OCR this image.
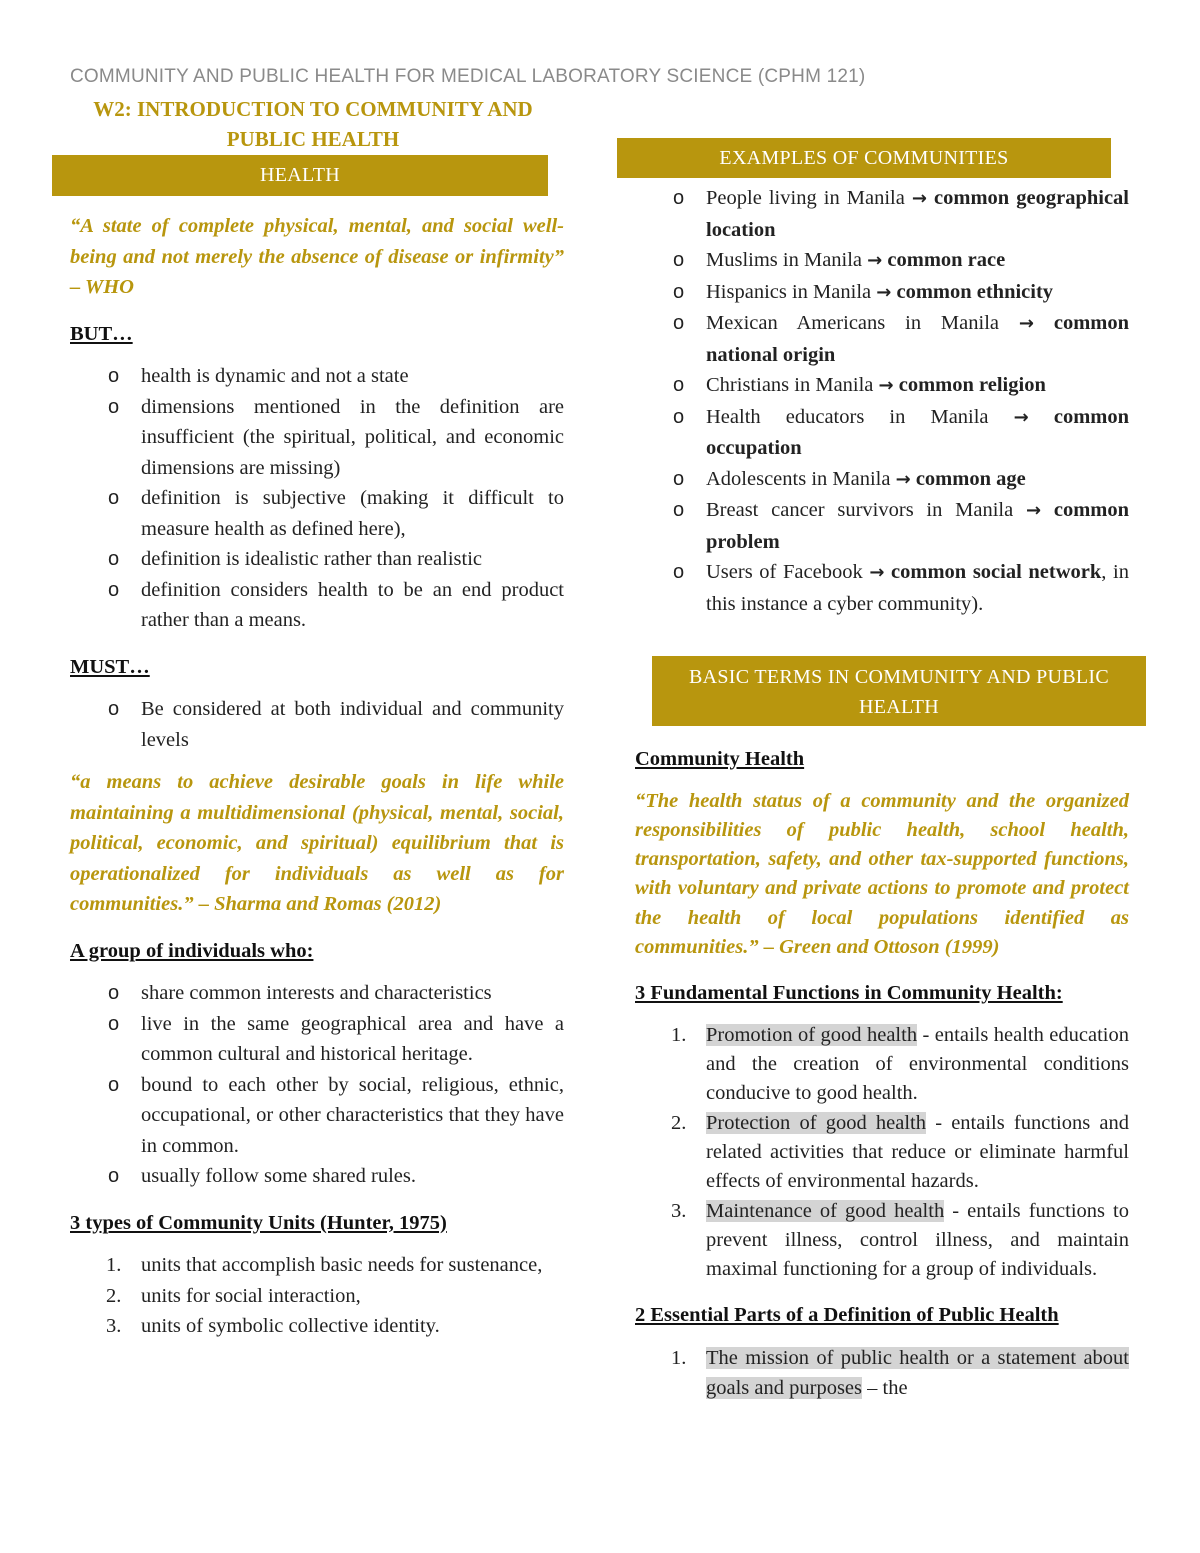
COMMUNITY AND PUBLIC HEALTH FOR MEDICAL LABORATORY SCIENCE (CPHM 121)
W2: INTRODUCTION TO COMMUNITY AND PUBLIC HEALTH
HEALTH

“A state of complete physical, mental, and social well-being and not merely the absence of disease or infirmity” – WHO

BUT…

o health is dynamic and not a state
o dimensions mentioned in the definition are insufficient (the spiritual, political, and economic dimensions are missing)
o definition is subjective (making it difficult to measure health as defined here),
o definition is idealistic rather than realistic
o definition considers health to be an end product rather than a means.

MUST…

o Be considered at both individual and community levels

“a means to achieve desirable goals in life while maintaining a multidimensional (physical, mental, social, political, economic, and spiritual) equilibrium that is operationalized for individuals as well as for communities.” – Sharma and Romas (2012)

A group of individuals who:

o share common interests and characteristics
o live in the same geographical area and have a common cultural and historical heritage.
o bound to each other by social, religious, ethnic, occupational, or other characteristics that they have in common.
o usually follow some shared rules.

3 types of Community Units (Hunter, 1975)

1. units that accomplish basic needs for sustenance,
2. units for social interaction,
3. units of symbolic collective identity.
EXAMPLES OF COMMUNITIES
o People living in Manila → common geographical location
o Muslims in Manila → common race
o Hispanics in Manila → common ethnicity
o Mexican Americans in Manila → common national origin
o Christians in Manila → common religion
o Health educators in Manila → common occupation
o Adolescents in Manila → common age
o Breast cancer survivors in Manila → common problem
o Users of Facebook → common social network, in this instance a cyber community).
BASIC TERMS IN COMMUNITY AND PUBLIC HEALTH

Community Health

“The health status of a community and the organized responsibilities of public health, school health, transportation, safety, and other tax-supported functions, with voluntary and private actions to promote and protect the health of local populations identified as communities.” – Green and Ottoson (1999)

3 Fundamental Functions in Community Health:

1. Promotion of good health - entails health education and the creation of environmental conditions conducive to good health.
2. Protection of good health - entails functions and related activities that reduce or eliminate harmful effects of environmental hazards.
3. Maintenance of good health - entails functions to prevent illness, control illness, and maintain maximal functioning for a group of individuals.

2 Essential Parts of a Definition of Public Health

1. The mission of public health or a statement about goals and purposes – the
